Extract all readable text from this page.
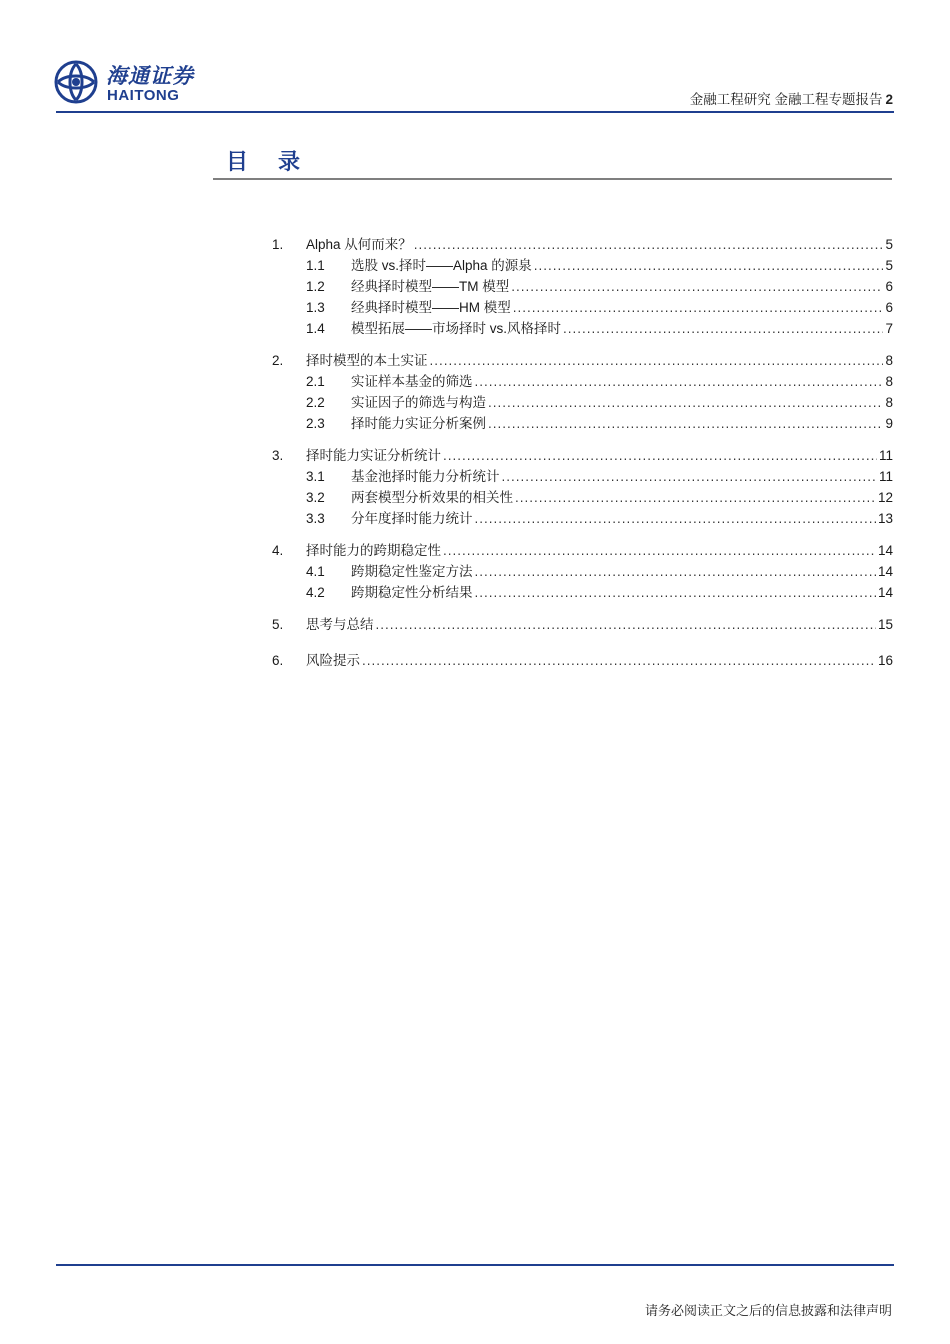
海通证券
HAITONG	金融工程研究 金融工程专题报告 2
目录
1.	Alpha 从何而来？ .....	5
1.1	选股 vs.择时——Alpha 的源泉 .....	5
1.2	经典择时模型——TM 模型 .....	6
1.3	经典择时模型——HM 模型 .....	6
1.4	模型拓展——市场择时 vs.风格择时 .....	7
2.	择时模型的本土实证 .....	8
2.1	实证样本基金的筛选 .....	8
2.2	实证因子的筛选与构造 .....	8
2.3	择时能力实证分析案例 .....	9
3.	择时能力实证分析统计 .....	11
3.1	基金池择时能力分析统计 .....	11
3.2	两套模型分析效果的相关性 .....	12
3.3	分年度择时能力统计 .....	13
4.	择时能力的跨期稳定性 .....	14
4.1	跨期稳定性鉴定方法 .....	14
4.2	跨期稳定性分析结果 .....	14
5.	思考与总结 .....	15
6.	风险提示 .....	16
请务必阅读正文之后的信息披露和法律声明
